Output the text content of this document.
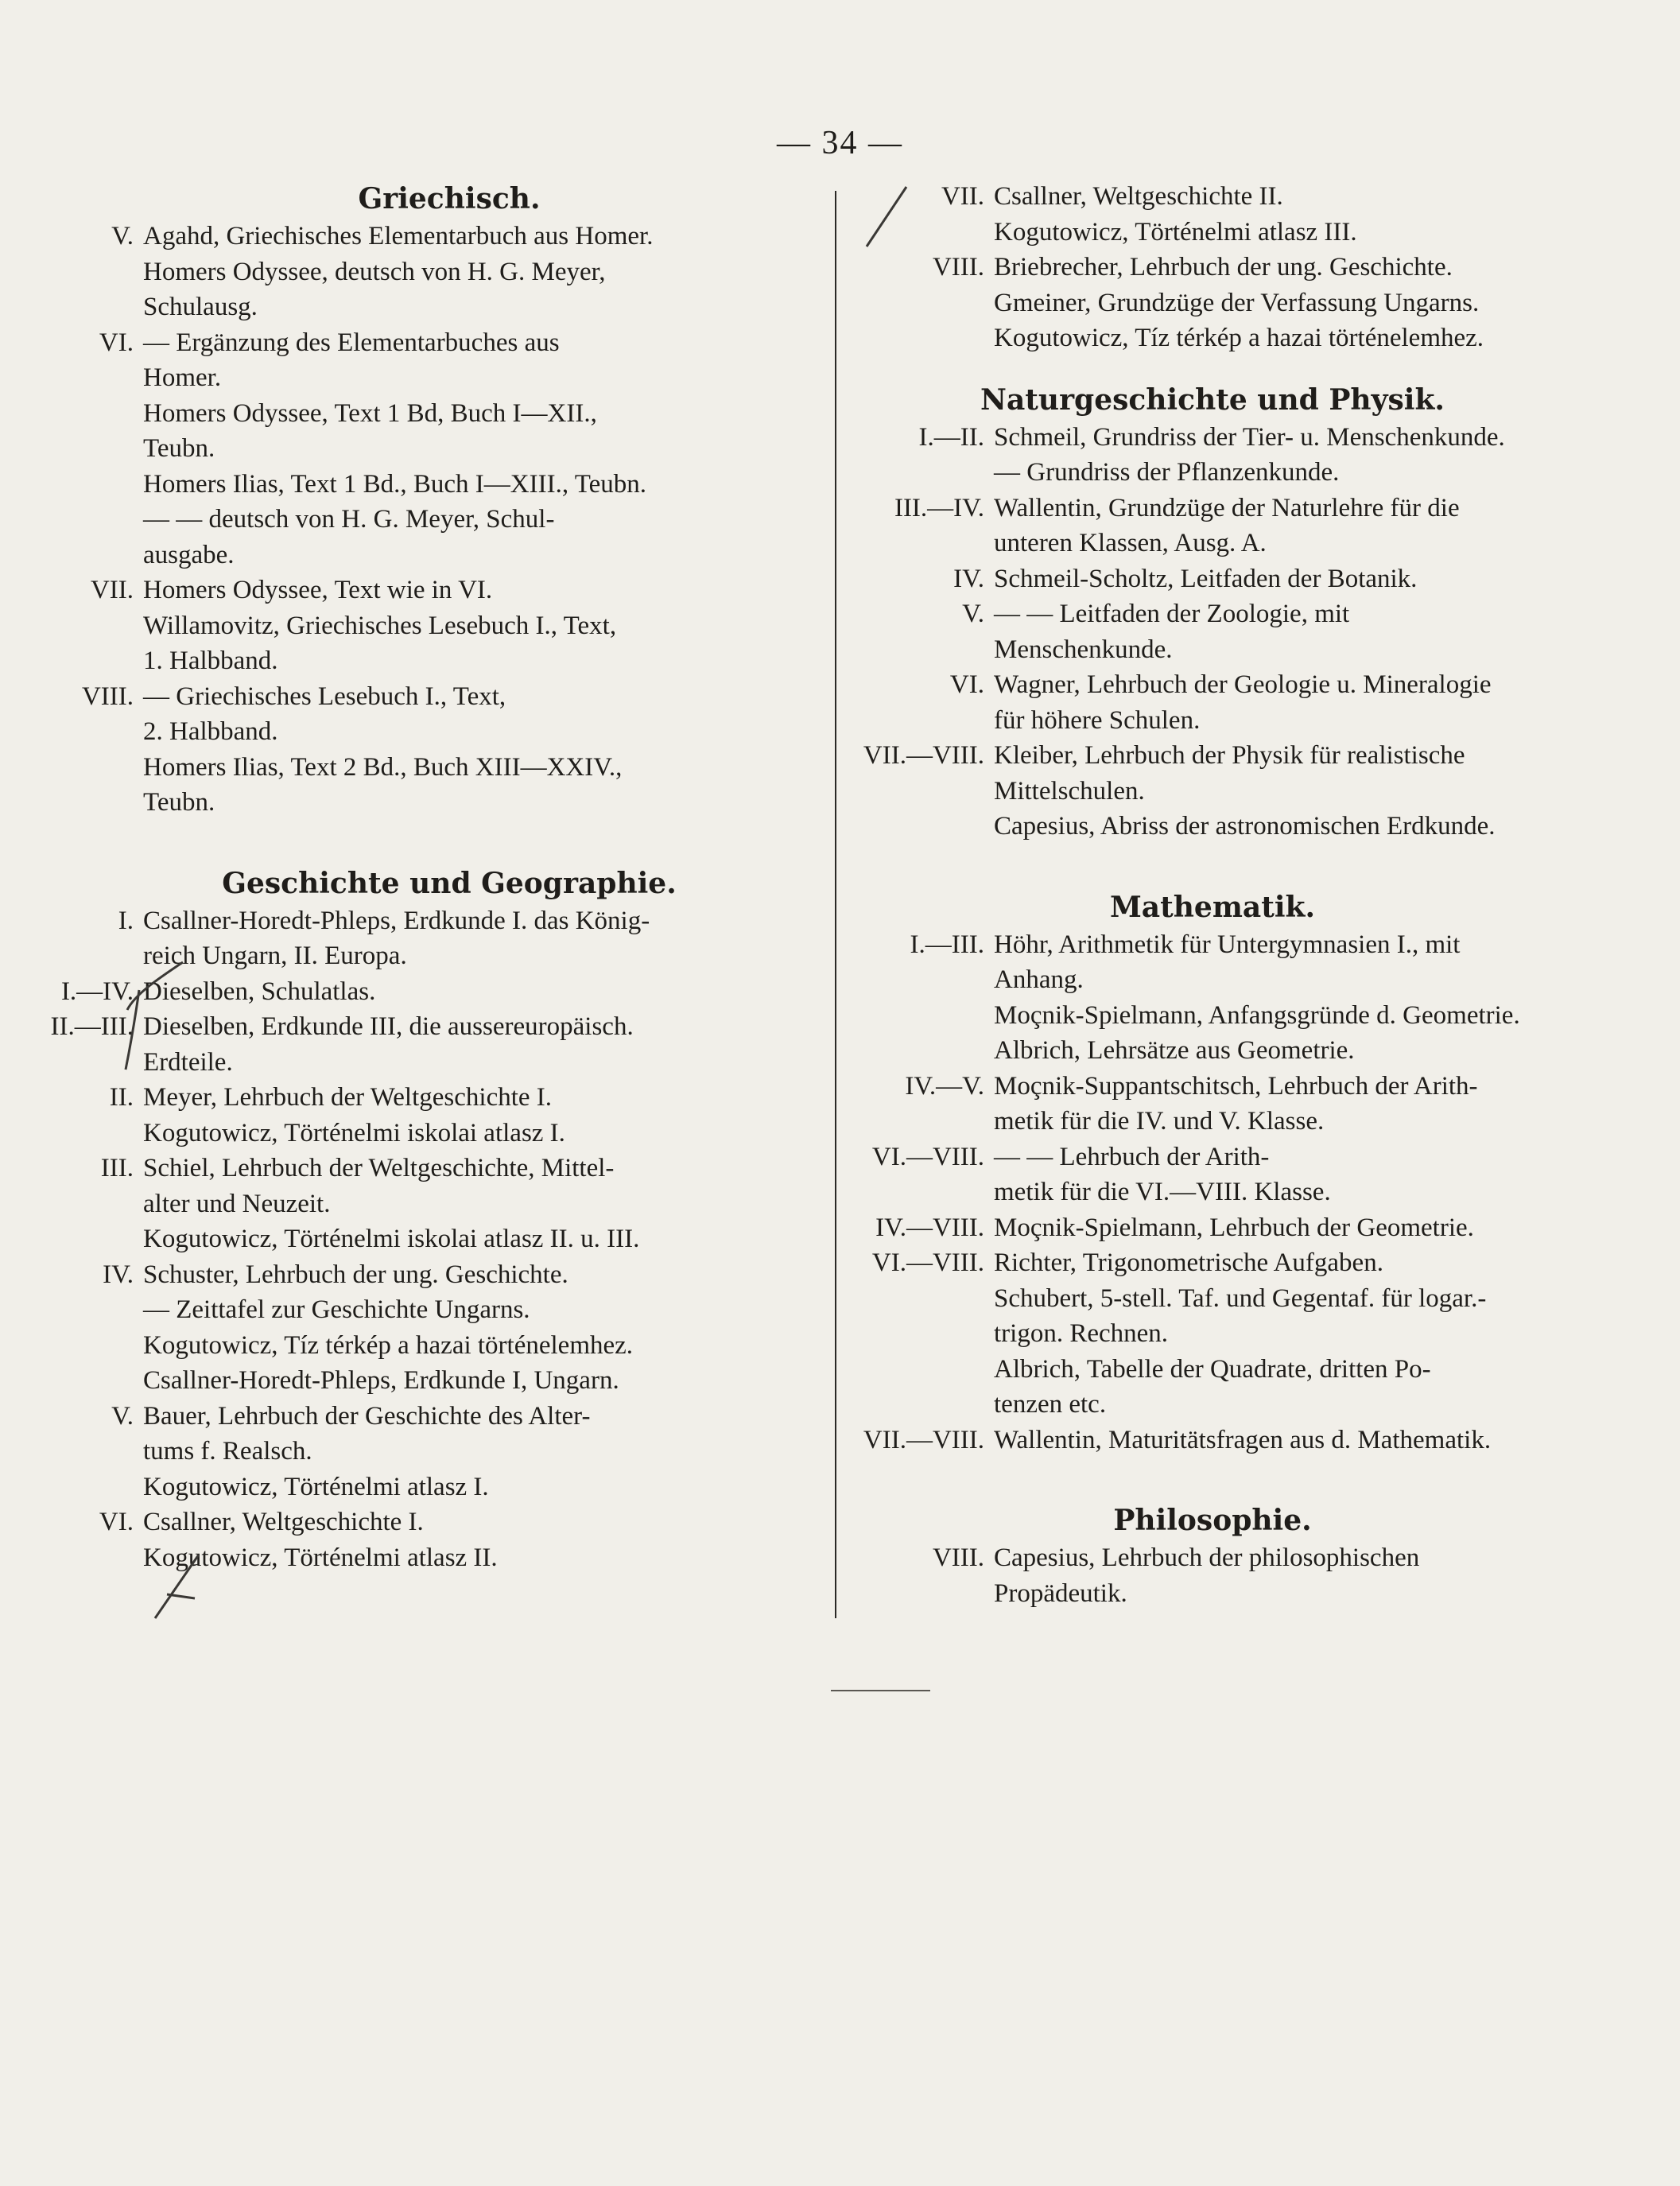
— 34 —
Griechisch.
V. Agahd, Griechisches Elementarbuch aus Homer.
Homers Odyssee, deutsch von H. G. Meyer,
Schulausg.
VI. — Ergänzung des Elementarbuches aus
Homer.
Homers Odyssee, Text 1 Bd, Buch I—XII.,
Teubn.
Homers Ilias, Text 1 Bd., Buch I—XIII., Teubn.
— — deutsch von H. G. Meyer, Schul-
ausgabe.
VII. Homers Odyssee, Text wie in VI.
Willamovitz, Griechisches Lesebuch I., Text,
1. Halbband.
VIII. — Griechisches Lesebuch I., Text,
2. Halbband.
Homers Ilias, Text 2 Bd., Buch XIII—XXIV.,
Teubn.
Geschichte und Geographie.
I. Csallner-Horedt-Phleps, Erdkunde I. das König-
reich Ungarn, II. Europa.
I.—IV. Dieselben, Schulatlas.
II.—III. Dieselben, Erdkunde III, die aussereuropäisch.
Erdteile.
II. Meyer, Lehrbuch der Weltgeschichte I.
Kogutowicz, Történelmi iskolai atlasz I.
III. Schiel, Lehrbuch der Weltgeschichte, Mittel-
alter und Neuzeit.
Kogutowicz, Történelmi iskolai atlasz II. u. III.
IV. Schuster, Lehrbuch der ung. Geschichte.
— Zeittafel zur Geschichte Ungarns.
Kogutowicz, Tíz térkép a hazai történelemhez.
Csallner-Horedt-Phleps, Erdkunde I, Ungarn.
V. Bauer, Lehrbuch der Geschichte des Alter-
tums f. Realsch.
Kogutowicz, Történelmi atlasz I.
VI. Csallner, Weltgeschichte I.
Kogutowicz, Történelmi atlasz II.
VII. Csallner, Weltgeschichte II.
Kogutowicz, Történelmi atlasz III.
VIII. Briebrecher, Lehrbuch der ung. Geschichte.
Gmeiner, Grundzüge der Verfassung Ungarns.
Kogutowicz, Tíz térkép a hazai történelemhez.
Naturgeschichte und Physik.
I.—II. Schmeil, Grundriss der Tier- u. Menschenkunde.
— Grundriss der Pflanzenkunde.
III.—IV. Wallentin, Grundzüge der Naturlehre für die
unteren Klassen, Ausg. A.
IV. Schmeil-Scholtz, Leitfaden der Botanik.
V. — — Leitfaden der Zoologie, mit
Menschenkunde.
VI. Wagner, Lehrbuch der Geologie u. Mineralogie
für höhere Schulen.
VII.—VIII. Kleiber, Lehrbuch der Physik für realistische
Mittelschulen.
Capesius, Abriss der astronomischen Erdkunde.
Mathematik.
I.—III. Höhr, Arithmetik für Untergymnasien I., mit
Anhang.
Moçnik-Spielmann, Anfangsgründe d. Geometrie.
Albrich, Lehrsätze aus Geometrie.
IV.—V. Moçnik-Suppantschitsch, Lehrbuch der Arith-
metik für die IV. und V. Klasse.
VI.—VIII. — — Lehrbuch der Arith-
metik für die VI.—VIII. Klasse.
IV.—VIII. Moçnik-Spielmann, Lehrbuch der Geometrie.
VI.—VIII. Richter, Trigonometrische Aufgaben.
Schubert, 5-stell. Taf. und Gegentaf. für logar.-
trigon. Rechnen.
Albrich, Tabelle der Quadrate, dritten Po-
tenzen etc.
VII.—VIII. Wallentin, Maturitätsfragen aus d. Mathematik.
Philosophie.
VIII. Capesius, Lehrbuch der philosophischen
Propädeutik.
